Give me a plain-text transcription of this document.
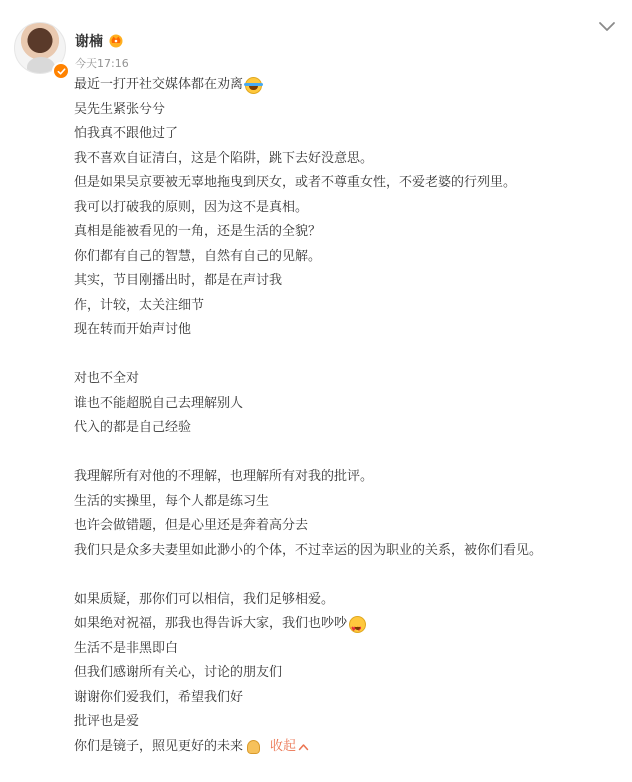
谢楠
今天17:16
最近一打开社交媒体都在劝离
吴先生紧张兮兮
怕我真不跟他过了
我不喜欢自证清白，这是个陷阱，跳下去好没意思。
但是如果吴京要被无辜地拖曳到厌女，或者不尊重女性，不爱老婆的行列里。
我可以打破我的原则，因为这不是真相。
真相是能被看见的一角，还是生活的全貌？
你们都有自己的智慧，自然有自己的见解。
其实，节目刚播出时，都是在声讨我
作，计较，太关注细节
现在转而开始声讨他
对也不全对
谁也不能超脱自己去理解别人
代入的都是自己经验
我理解所有对他的不理解，也理解所有对我的批评。
生活的实操里，每个人都是练习生
也许会做错题，但是心里还是奔着高分去
我们只是众多夫妻里如此渺小的个体，不过幸运的因为职业的关系，被你们看见。
如果质疑，那你们可以相信，我们足够相爱。
如果绝对祝福，那我也得告诉大家，我们也吵吵
♥ ♥
生活不是非黑即白
但我们感谢所有关心，讨论的朋友们
谢谢你们爱我们，希望我们好
批评也是爱
你们是镜子，照见更好的未来 收起
